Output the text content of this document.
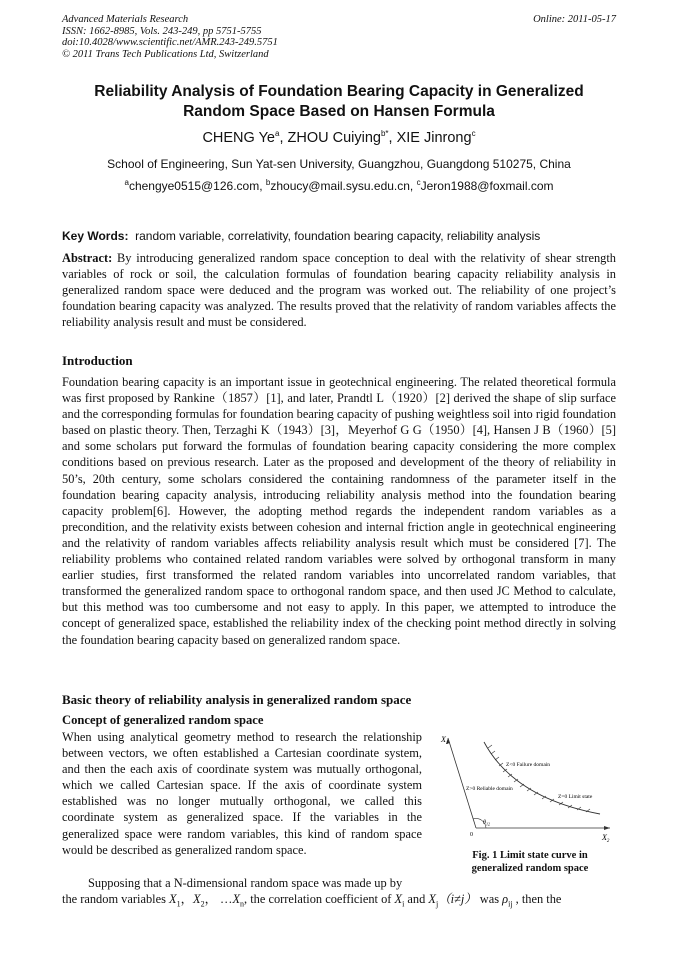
Advanced Materials Research
ISSN: 1662-8985, Vols. 243-249, pp 5751-5755
doi:10.4028/www.scientific.net/AMR.243-249.5751
© 2011 Trans Tech Publications Ltd, Switzerland
Online: 2011-05-17
Reliability Analysis of Foundation Bearing Capacity in Generalized
Random Space Based on Hansen Formula
CHENG Ye$^a$, ZHOU Cuiying$^{b*}$, XIE Jinrong$^c$
School of Engineering, Sun Yat-sen University, Guangzhou, Guangdong 510275, China
$^a$chengye0515@126.com, $^b$zhoucy@mail.sysu.edu.cn, $^c$Jeron1988@foxmail.com
Key Words: random variable, correlativity, foundation bearing capacity, reliability analysis
Abstract: By introducing generalized random space conception to deal with the relativity of shear strength variables of rock or soil, the calculation formulas of foundation bearing capacity reliability analysis in generalized random space were deduced and the program was worked out. The reliability of one project’s foundation bearing capacity was analyzed. The results proved that the relativity of random variables affects the reliability analysis result and must be considered.
Introduction
Foundation bearing capacity is an important issue in geotechnical engineering. The related theoretical formula was first proposed by Rankine（1857）[1], and later, Prandtl L（1920）[2] derived the shape of slip surface and the corresponding formulas for foundation bearing capacity of pushing weightless soil into rigid foundation based on plastic theory. Then, Terzaghi K（1943）[3]，Meyerhof G G（1950）[4], Hansen J B（1960）[5] and some scholars put forward the formulas of foundation bearing capacity considering the more complex conditions based on previous research. Later as the proposed and development of the theory of reliability in 50’s, 20th century, some scholars considered the containing randomness of the parameter itself in the foundation bearing capacity analysis, introducing reliability analysis method into the foundation bearing capacity problem[6]. However, the adopting method regards the independent random variables as a precondition, and the relativity exists between cohesion and internal friction angle in geotechnical engineering and the relativity of random variables affects reliability analysis result which must be considered [7]. The reliability problems who contained related random variables were solved by orthogonal transform in many earlier studies, first transformed the related random variables into uncorrelated random variables, that transformed the generalized random space to orthogonal random space, and then used JC Method to calculate, but this method was too cumbersome and not easy to apply. In this paper, we attempted to introduce the concept of generalized space, established the reliability index of the checking point method directly in solving the foundation bearing capacity based on generalized random space.
Basic theory of reliability analysis in generalized random space
Concept of generalized random space
When using analytical geometry method to research the relationship between vectors, we often established a Cartesian coordinate system, and then the each axis of coordinate system was mutually orthogonal, which we called Cartesian space. If the axis of coordinate system established was no longer mutually orthogonal, we called this coordinate system as generalized space. If the variables in the generalized space were random variables, this kind of random space would be described as generalized random space.
Supposing that a N-dimensional random space was made up by
the random variables $X_1$，$X_2$， $\dots X_n$, the correlation coefficient of $X_i$ and $X_j(i\ne j)$ was $\rho_{ij}$ , then the
$X_1$
$X_2$
Z<0 Failure domain
Z>0 Reliable domain
Z=0 Limit state
0
$\theta_{12}$
Fig. 1 Limit state curve in
generalized random space
